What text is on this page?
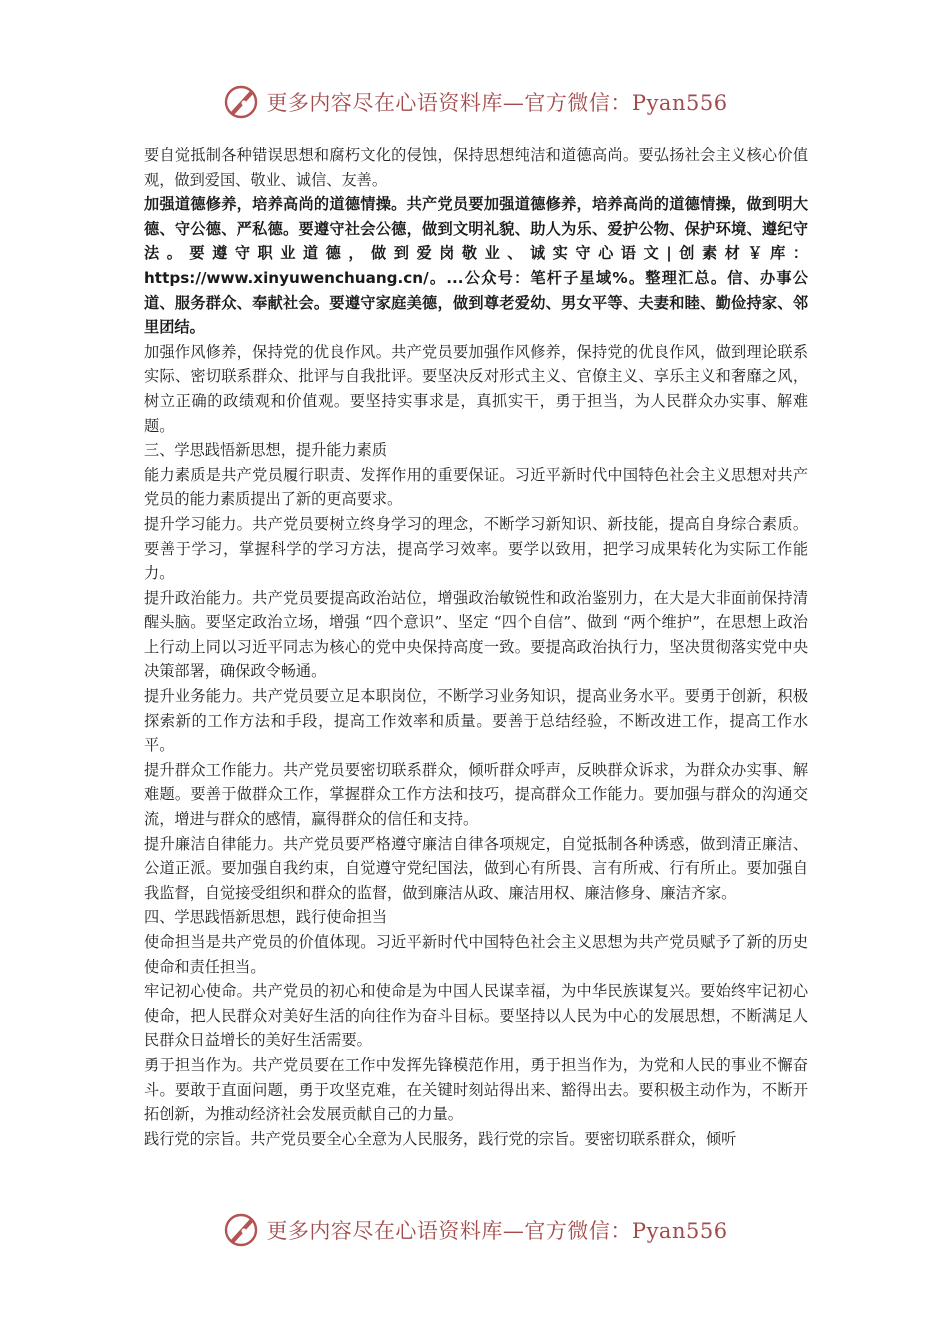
更多内容尽在心语资料库—官方微信：Pyan556

要自觉抵制各种错误思想和腐朽文化的侵蚀，保持思想纯洁和道德高尚。要弘扬社会主义核心价值观，做到爱国、敬业、诚信、友善。

加强道德修养，培养高尚的道德情操。共产党员要加强道德修养，培养高尚的道德情操，做到明大德、守公德、严私德。要遵守社会公德，做到文明礼貌、助人为乐、爱护公物、保护环境、遵纪守法。要遵守职业道德，做到爱岗敬业、诚实守心语文|创素材￥库：https://www.xinyuwenchuang.cn/。...公众号：笔杆子星域%。整理汇总。信、办事公道、服务群众、奉献社会。要遵守家庭美德，做到尊老爱幼、男女平等、夫妻和睦、勤俭持家、邻里团结。

加强作风修养，保持党的优良作风。共产党员要加强作风修养，保持党的优良作风，做到理论联系实际、密切联系群众、批评与自我批评。要坚决反对形式主义、官僚主义、享乐主义和奢靡之风，树立正确的政绩观和价值观。要坚持实事求是，真抓实干，勇于担当，为人民群众办实事、解难题。

三、学思践悟新思想，提升能力素质

能力素质是共产党员履行职责、发挥作用的重要保证。习近平新时代中国特色社会主义思想对共产党员的能力素质提出了新的更高要求。

提升学习能力。共产党员要树立终身学习的理念，不断学习新知识、新技能，提高自身综合素质。要善于学习，掌握科学的学习方法，提高学习效率。要学以致用，把学习成果转化为实际工作能力。

提升政治能力。共产党员要提高政治站位，增强政治敏锐性和政治鉴别力，在大是大非面前保持清醒头脑。要坚定政治立场，增强 “四个意识”、坚定 “四个自信”、做到 “两个维护”，在思想上政治上行动上同以习近平同志为核心的党中央保持高度一致。要提高政治执行力，坚决贯彻落实党中央决策部署，确保政令畅通。

提升业务能力。共产党员要立足本职岗位，不断学习业务知识，提高业务水平。要勇于创新，积极探索新的工作方法和手段，提高工作效率和质量。要善于总结经验，不断改进工作，提高工作水平。

提升群众工作能力。共产党员要密切联系群众，倾听群众呼声，反映群众诉求，为群众办实事、解难题。要善于做群众工作，掌握群众工作方法和技巧，提高群众工作能力。要加强与群众的沟通交流，增进与群众的感情，赢得群众的信任和支持。

提升廉洁自律能力。共产党员要严格遵守廉洁自律各项规定，自觉抵制各种诱惑，做到清正廉洁、公道正派。要加强自我约束，自觉遵守党纪国法，做到心有所畏、言有所戒、行有所止。要加强自我监督，自觉接受组织和群众的监督，做到廉洁从政、廉洁用权、廉洁修身、廉洁齐家。

四、学思践悟新思想，践行使命担当

使命担当是共产党员的价值体现。习近平新时代中国特色社会主义思想为共产党员赋予了新的历史使命和责任担当。

牢记初心使命。共产党员的初心和使命是为中国人民谋幸福，为中华民族谋复兴。要始终牢记初心使命，把人民群众对美好生活的向往作为奋斗目标。要坚持以人民为中心的发展思想，不断满足人民群众日益增长的美好生活需要。

勇于担当作为。共产党员要在工作中发挥先锋模范作用，勇于担当作为，为党和人民的事业不懈奋斗。要敢于直面问题，勇于攻坚克难，在关键时刻站得出来、豁得出去。要积极主动作为，不断开拓创新，为推动经济社会发展贡献自己的力量。

践行党的宗旨。共产党员要全心全意为人民服务，践行党的宗旨。要密切联系群众，倾听

更多内容尽在心语资料库—官方微信：Pyan556
